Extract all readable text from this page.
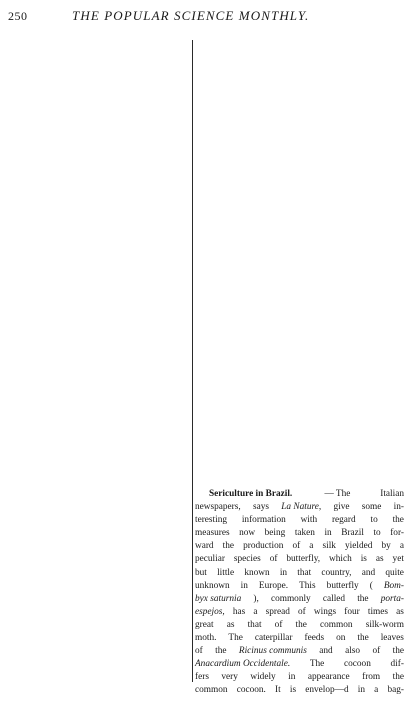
250	THE POPULAR SCIENCE MONTHLY.
Sericulture in Brazil.	— The	Italian
newspapers, says La Nature, give some in-
teresting information with regard to the
measures now being taken in Brazil to for-
ward the production of a silk yielded by a
peculiar species of butterfly, which is as yet
but little known in that country, and quite
unknown in Europe. This butterfly ( Bom-
byx saturnia ), commonly called the porta-
espejos, has a spread of wings four times as
great as that of the common silk-worm
moth. The caterpillar feeds on the leaves
of the Ricinus communis and also of the
Anacardium Occidentale. The cocoon dif-
fers very widely in appearance from the
common cocoon. It is envelop—d in a bag-
